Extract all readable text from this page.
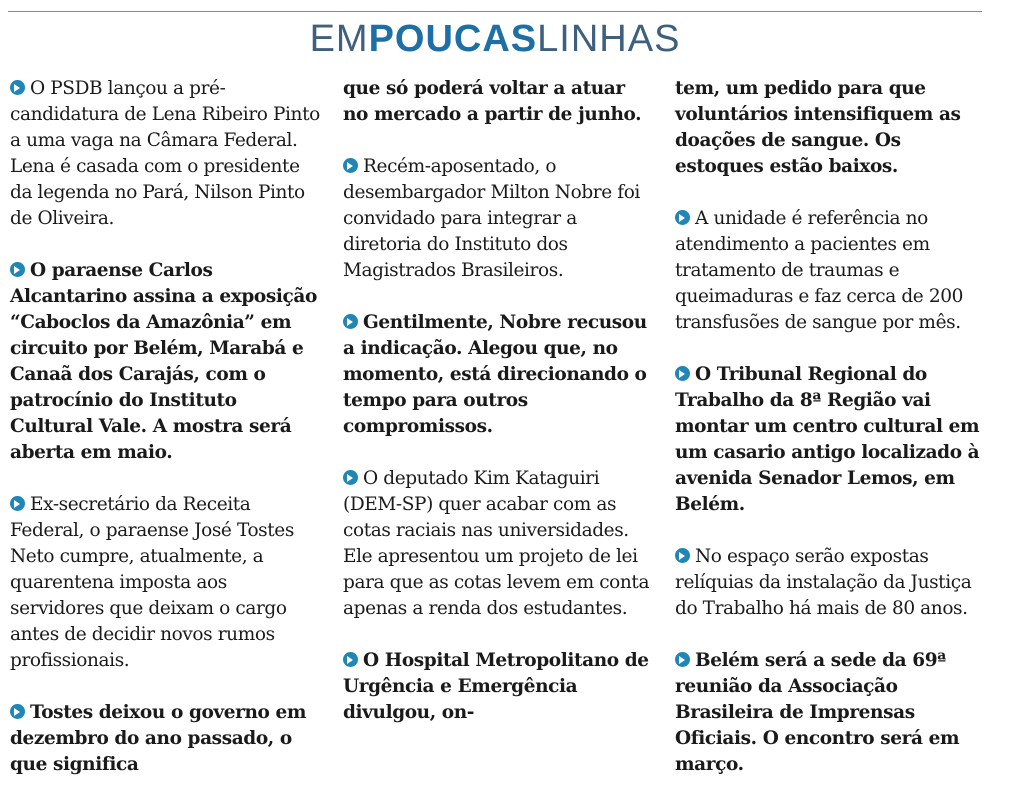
EMPOUCASLINHAS

O PSDB lançou a pré-candidatura de Lena Ribeiro Pinto a uma vaga na Câmara Federal. Lena é casada com o presidente da legenda no Pará, Nilson Pinto de Oliveira.

O paraense Carlos Alcantarino assina a exposição “Caboclos da Amazônia” em circuito por Belém, Marabá e Canaã dos Carajás, com o patrocínio do Instituto Cultural Vale. A mostra será aberta em maio.

Ex-secretário da Receita Federal, o paraense José Tostes Neto cumpre, atualmente, a quarentena imposta aos servidores que deixam o cargo antes de decidir novos rumos profissionais.

Tostes deixou o governo em dezembro do ano passado, o que significa

que só poderá voltar a atuar no mercado a partir de junho.

Recém-aposentado, o desembargador Milton Nobre foi convidado para integrar a diretoria do Instituto dos Magistrados Brasileiros.

Gentilmente, Nobre recusou a indicação. Alegou que, no momento, está direcionando o tempo para outros compromissos.

O deputado Kim Kataguiri (DEM-SP) quer acabar com as cotas raciais nas universidades. Ele apresentou um projeto de lei para que as cotas levem em conta apenas a renda dos estudantes.

O Hospital Metropolitano de Urgência e Emergência divulgou, on-

tem, um pedido para que voluntários intensifiquem as doações de sangue. Os estoques estão baixos.

A unidade é referência no atendimento a pacientes em tratamento de traumas e queimaduras e faz cerca de 200 transfusões de sangue por mês.

O Tribunal Regional do Trabalho da 8ª Região vai montar um centro cultural em um casario antigo localizado à avenida Senador Lemos, em Belém.

No espaço serão expostas relíquias da instalação da Justiça do Trabalho há mais de 80 anos.

Belém será a sede da 69ª reunião da Associação Brasileira de Imprensas Oficiais. O encontro será em março.
